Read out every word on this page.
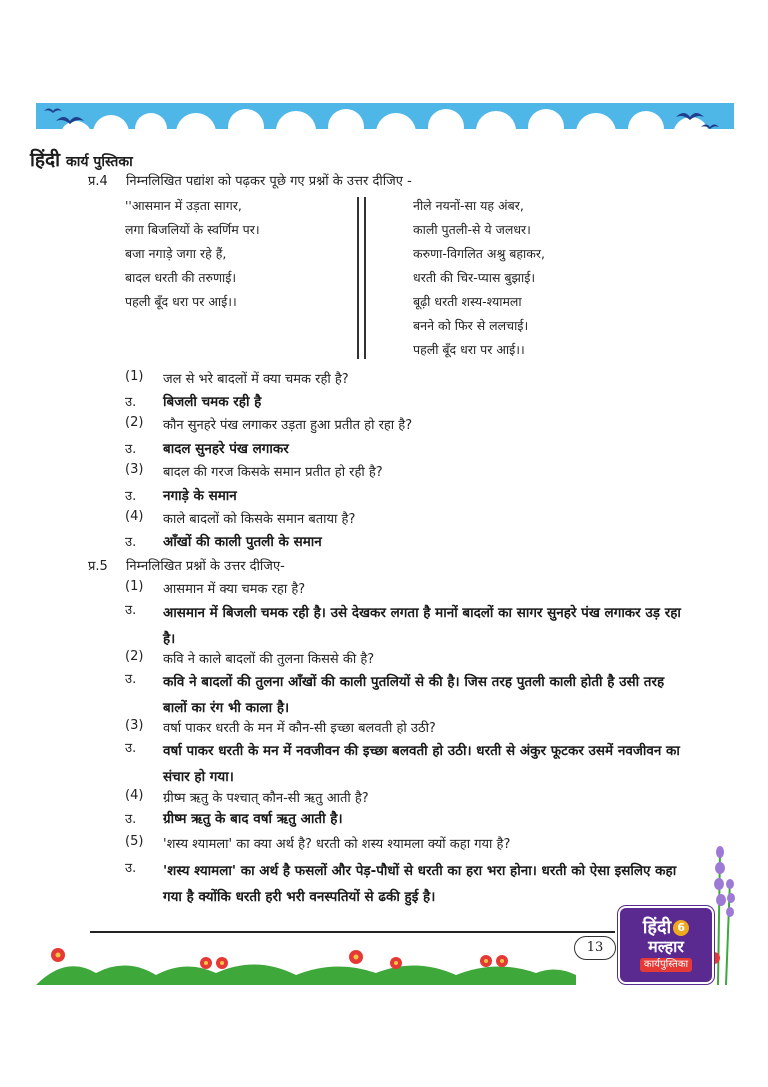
हिंदी कार्य पुस्तिका
प्र.4	निम्नलिखित पद्यांश को पढ़कर पूछे गए प्रश्नों के उत्तर दीजिए -
''आसमान में उड़ता सागर,
लगा बिजलियों के स्वर्णिम पर।
बजा नगाड़े जगा रहे हैं,
बादल धरती की तरुणाई।
पहली बूँद धरा पर आई।।
नीले नयनों-सा यह अंबर,
काली पुतली-से ये जलधर।
करुणा-विगलित अश्रु बहाकर,
धरती की चिर-प्यास बुझाई।
बूढ़ी धरती शस्य-श्यामला
बनने को फिर से ललचाई।
पहली बूँद धरा पर आई।।
(1)	जल से भरे बादलों में क्या चमक रही है?
उ.	बिजली चमक रही है
(2)	कौन सुनहरे पंख लगाकर उड़ता हुआ प्रतीत हो रहा है?
उ.	बादल सुनहरे पंख लगाकर
(3)	बादल की गरज किसके समान प्रतीत हो रही है?
उ.	नगाड़े के समान
(4)	काले बादलों को किसके समान बताया है?
उ.	आँखों की काली पुतली के समान
प्र.5	निम्नलिखित प्रश्नों के उत्तर दीजिए-
(1)	आसमान में क्या चमक रहा है?
उ.	आसमान में बिजली चमक रही है। उसे देखकर लगता है मानों बादलों का सागर सुनहरे पंख लगाकर उड़ रहा है।
(2)	कवि ने काले बादलों की तुलना किससे की है?
उ.	कवि ने बादलों की तुलना आँखों की काली पुतलियों से की है। जिस तरह पुतली काली होती है उसी तरह बालों का रंग भी काला है।
(3)	वर्षा पाकर धरती के मन में कौन-सी इच्छा बलवती हो उठी?
उ.	वर्षा पाकर धरती के मन में नवजीवन की इच्छा बलवती हो उठी। धरती से अंकुर फूटकर उसमें नवजीवन का संचार हो गया।
(4)	ग्रीष्म ऋतु के पश्चात् कौन-सी ऋतु आती है?
उ.	ग्रीष्म ऋतु के बाद वर्षा ऋतु आती है।
(5)	'शस्य श्यामला' का क्या अर्थ है? धरती को शस्य श्यामला क्यों कहा गया है?
उ.	'शस्य श्यामला' का अर्थ है फसलों और पेड़-पौधों से धरती का हरा भरा होना। धरती को ऐसा इसलिए कहा गया है क्योंकि धरती हरी भरी वनस्पतियों से ढकी हुई है।
13
हिंदी 6
मल्हार
कार्यपुस्तिका
